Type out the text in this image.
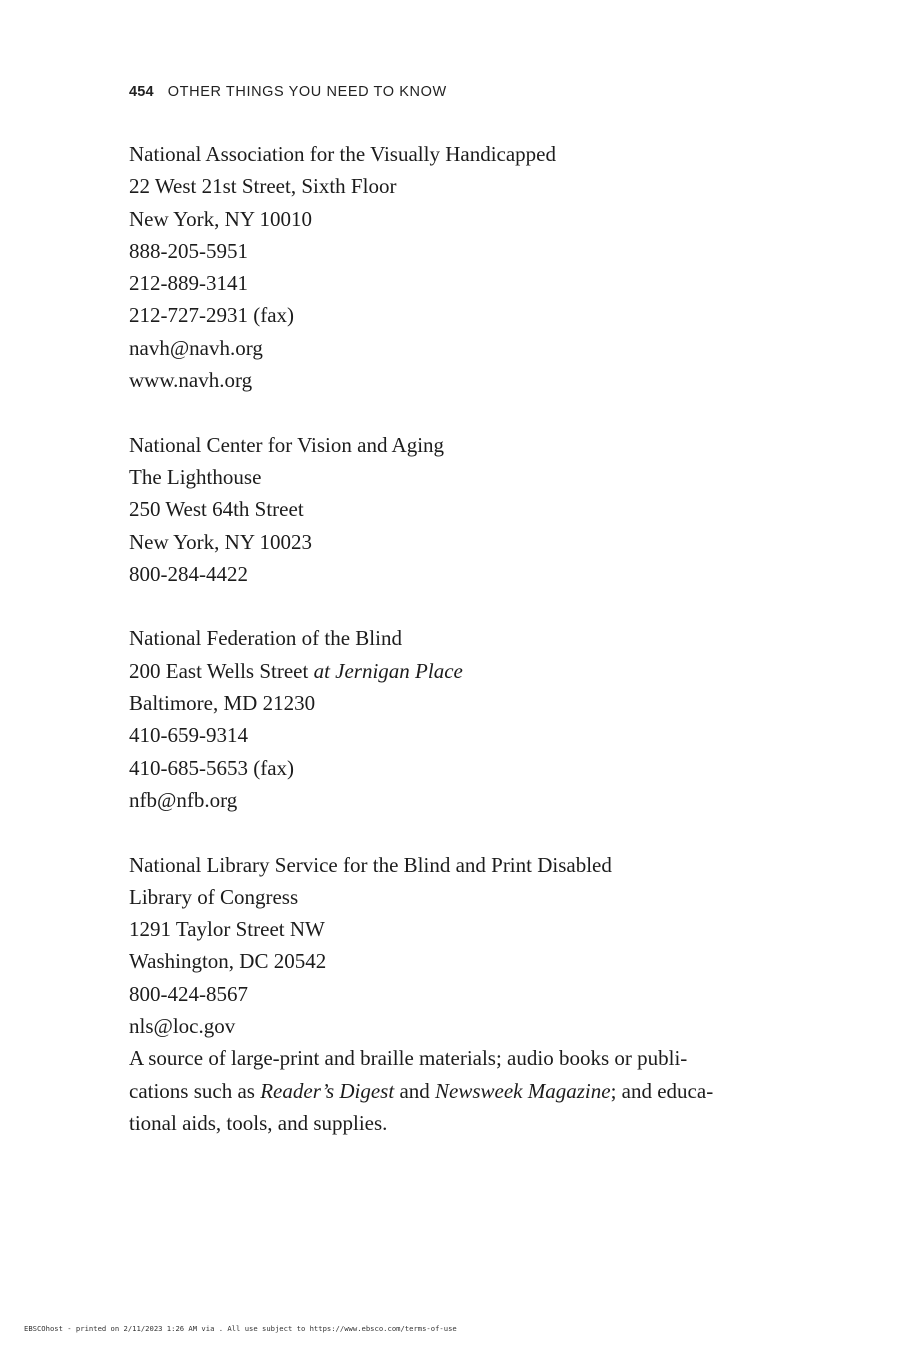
454 OTHER THINGS YOU NEED TO KNOW
National Association for the Visually Handicapped
22 West 21st Street, Sixth Floor
New York, NY 10010
888-205-5951
212-889-3141
212-727-2931 (fax)
navh@navh.org
www.navh.org
National Center for Vision and Aging
The Lighthouse
250 West 64th Street
New York, NY 10023
800-284-4422
National Federation of the Blind
200 East Wells Street at Jernigan Place
Baltimore, MD 21230
410-659-9314
410-685-5653 (fax)
nfb@nfb.org
National Library Service for the Blind and Print Disabled
Library of Congress
1291 Taylor Street NW
Washington, DC 20542
800-424-8567
nls@loc.gov
A source of large-print and braille materials; audio books or publi-
cations such as Reader’s Digest and Newsweek Magazine; and educa-
tional aids, tools, and supplies.
EBSCOhost - printed on 2/11/2023 1:26 AM via . All use subject to https://www.ebsco.com/terms-of-use
